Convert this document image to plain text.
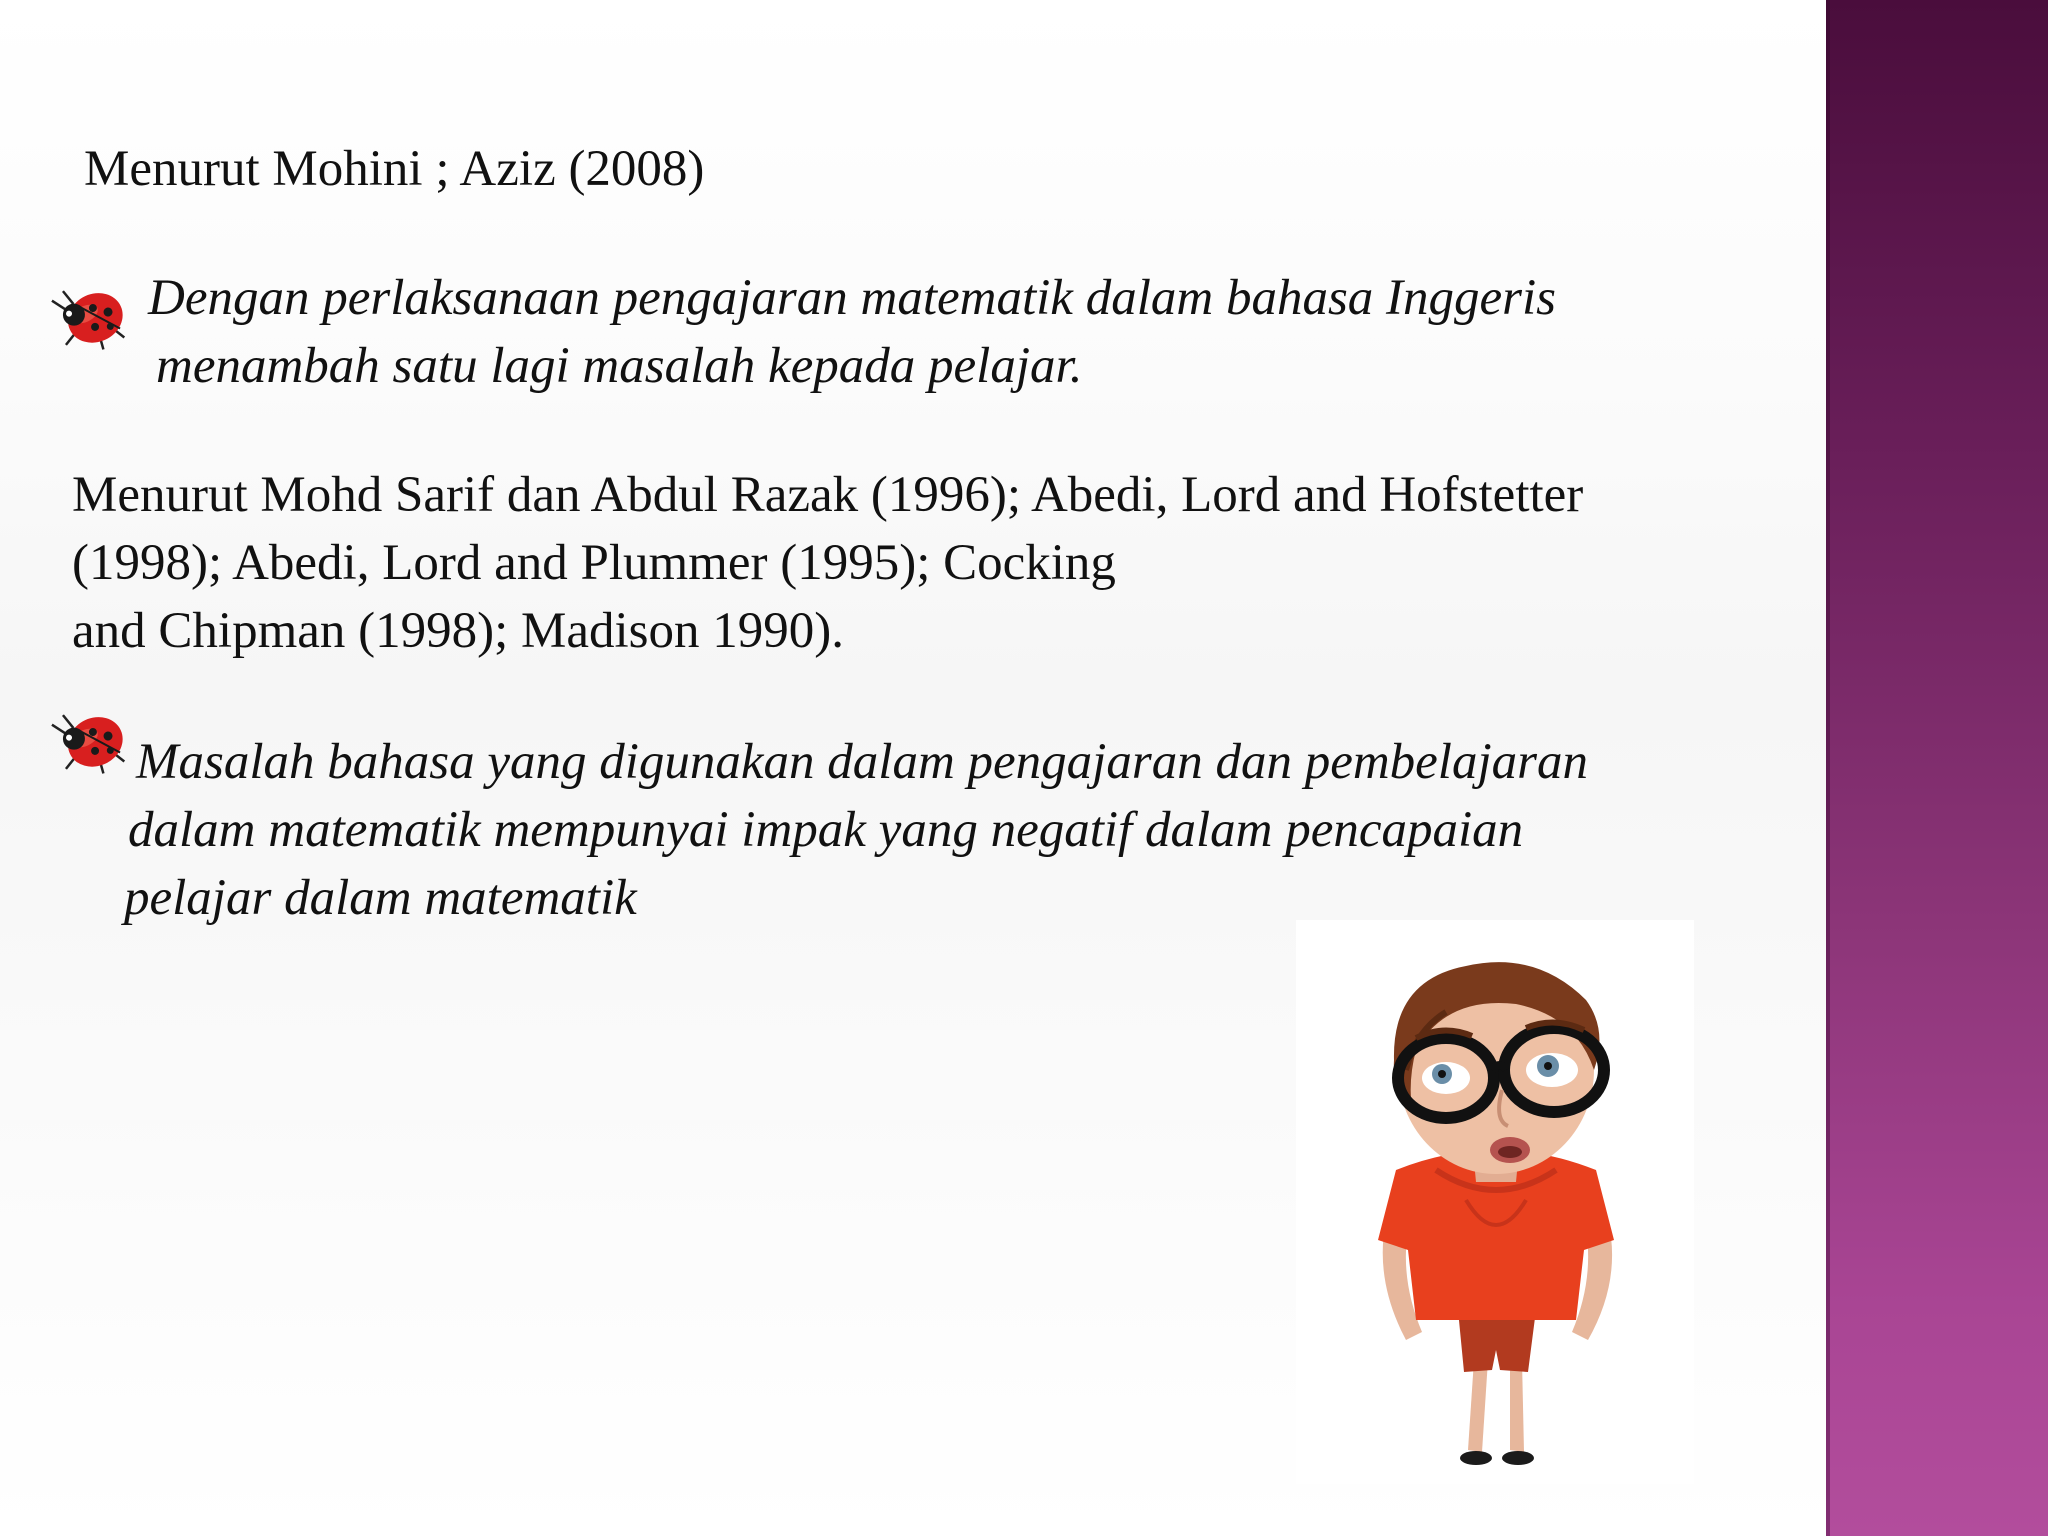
Menurut Mohini ; Aziz (2008)
Dengan perlaksanaan pengajaran matematik dalam bahasa Inggeris
menambah satu lagi masalah kepada pelajar.
Menurut Mohd Sarif dan Abdul Razak (1996); Abedi, Lord and Hofstetter
(1998); Abedi, Lord and Plummer (1995); Cocking
and Chipman (1998); Madison 1990).
Masalah bahasa yang digunakan dalam pengajaran dan pembelajaran
dalam matematik mempunyai impak yang negatif dalam pencapaian
pelajar dalam matematik
